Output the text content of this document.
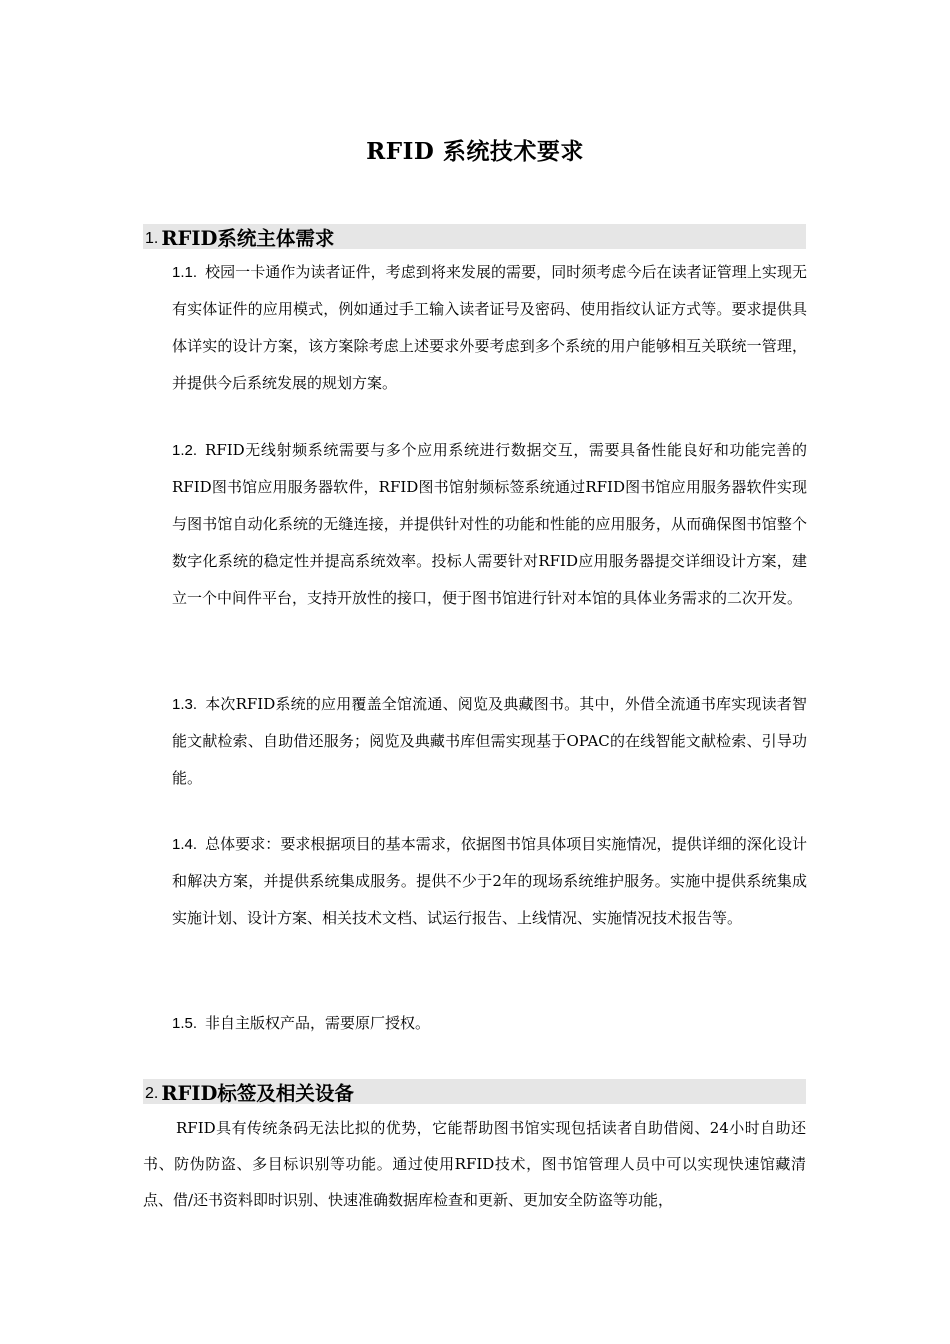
RFID 系统技术要求
1. RFID系统主体需求
1.1. 校园一卡通作为读者证件，考虑到将来发展的需要，同时须考虑今后在读者证管理上实现无有实体证件的应用模式，例如通过手工输入读者证号及密码、使用指纹认证方式等。要求提供具体详实的设计方案，该方案除考虑上述要求外要考虑到多个系统的用户能够相互关联统一管理，并提供今后系统发展的规划方案。
1.2. RFID无线射频系统需要与多个应用系统进行数据交互，需要具备性能良好和功能完善的RFID图书馆应用服务器软件，RFID图书馆射频标签系统通过RFID图书馆应用服务器软件实现与图书馆自动化系统的无缝连接，并提供针对性的功能和性能的应用服务，从而确保图书馆整个数字化系统的稳定性并提高系统效率。投标人需要针对RFID应用服务器提交详细设计方案，建立一个中间件平台，支持开放性的接口，便于图书馆进行针对本馆的具体业务需求的二次开发。
1.3. 本次RFID系统的应用覆盖全馆流通、阅览及典藏图书。其中，外借全流通书库实现读者智能文献检索、自助借还服务；阅览及典藏书库但需实现基于OPAC的在线智能文献检索、引导功能。
1.4. 总体要求：要求根据项目的基本需求，依据图书馆具体项目实施情况，提供详细的深化设计和解决方案，并提供系统集成服务。提供不少于2年的现场系统维护服务。实施中提供系统集成实施计划、设计方案、相关技术文档、试运行报告、上线情况、实施情况技术报告等。
1.5. 非自主版权产品，需要原厂授权。
2. RFID标签及相关设备
RFID具有传统条码无法比拟的优势，它能帮助图书馆实现包括读者自助借阅、24小时自助还书、防伪防盗、多目标识别等功能。通过使用RFID技术，图书馆管理人员中可以实现快速馆藏清点、借/还书资料即时识别、快速准确数据库检查和更新、更加安全防盗等功能，
